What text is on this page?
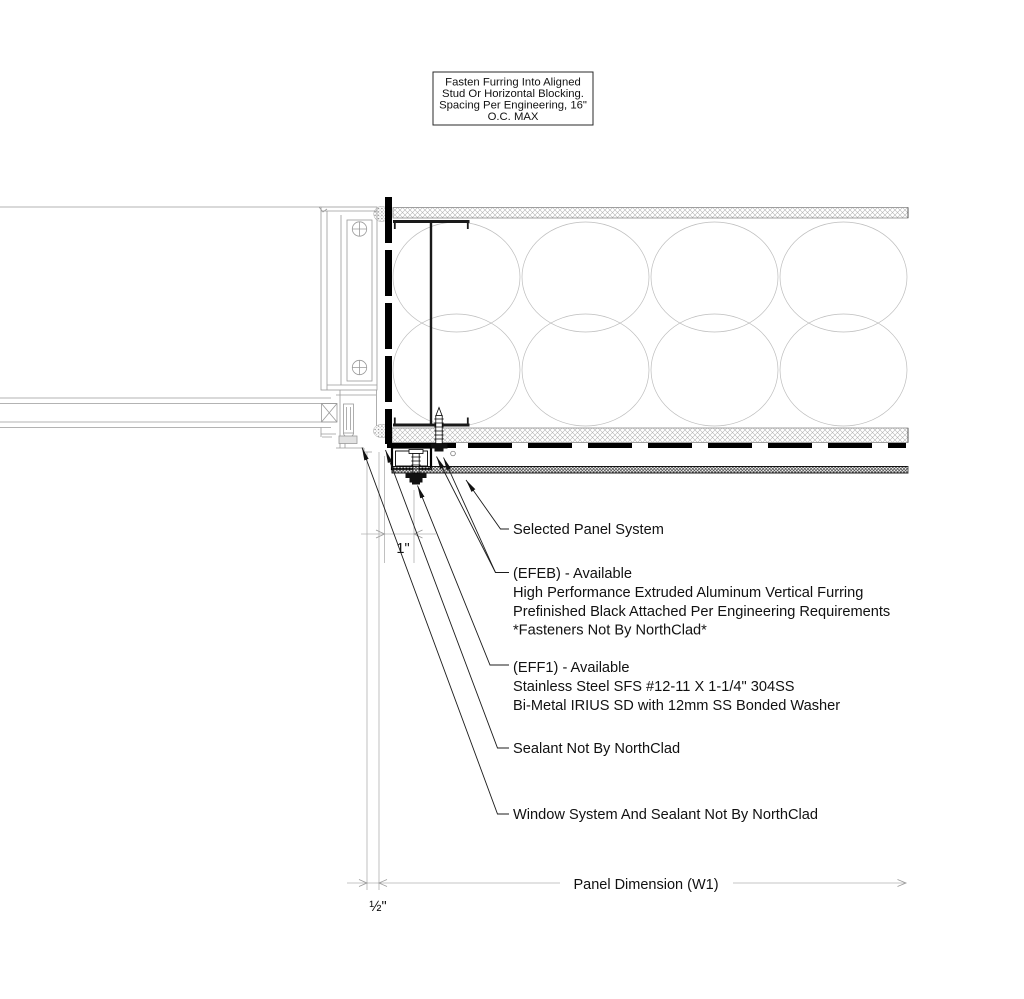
Fasten Furring Into Aligned
Stud Or Horizontal Blocking.
Spacing Per Engineering, 16"
O.C. MAX
1"
½"
Panel Dimension (W1)
Selected Panel System
(EFEB) - Available
High Performance Extruded Aluminum Vertical Furring
Prefinished Black Attached Per Engineering Requirements
*Fasteners Not By NorthClad*
(EFF1) - Available
Stainless Steel SFS #12-11 X 1-1/4" 304SS
Bi-Metal IRIUS SD with 12mm SS Bonded Washer
Sealant Not By NorthClad
Window System And Sealant Not By NorthClad
